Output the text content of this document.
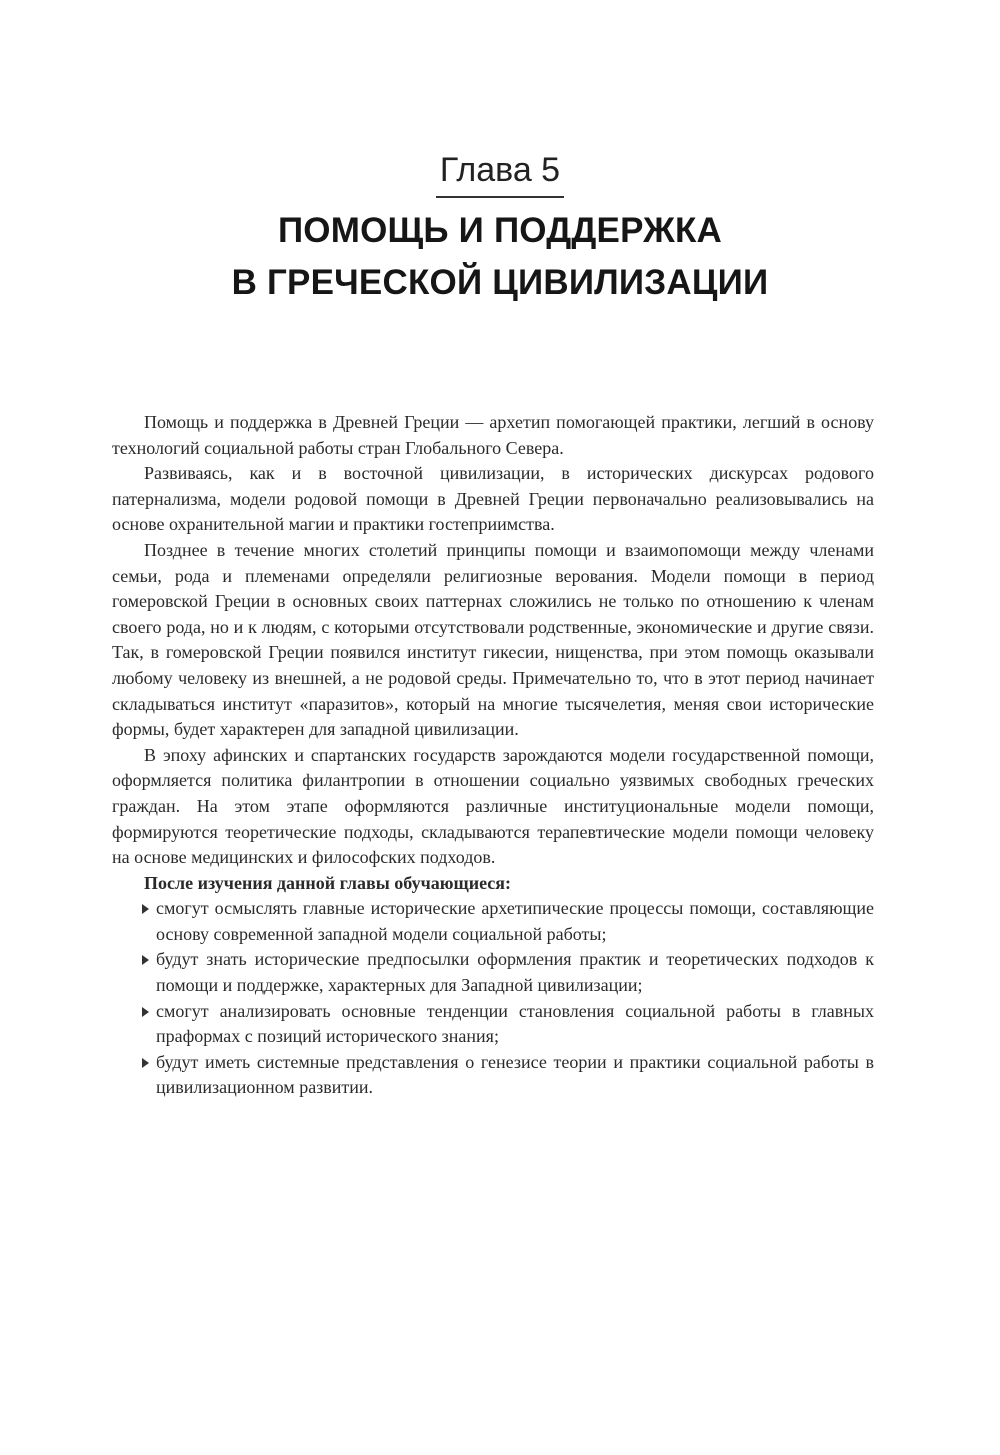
Глава 5
ПОМОЩЬ И ПОДДЕРЖКА
В ГРЕЧЕСКОЙ ЦИВИЛИЗАЦИИ

Помощь и поддержка в Древней Греции — архетип помогающей практики, легший в основу технологий социальной работы стран Глобального Севера.

Развиваясь, как и в восточной цивилизации, в исторических дискурсах родового патернализма, модели родовой помощи в Древней Греции первоначально реализовывались на основе охранительной магии и практики гостеприимства.

Позднее в течение многих столетий принципы помощи и взаимопомощи между членами семьи, рода и племенами определяли религиозные верования. Модели помощи в период гомеровской Греции в основных своих паттернах сложились не только по отношению к членам своего рода, но и к людям, с которыми отсутствовали родственные, экономические и другие связи. Так, в гомеровской Греции появился институт гикесии, нищенства, при этом помощь оказывали любому человеку из внешней, а не родовой среды. Примечательно то, что в этот период начинает складываться институт «паразитов», который на многие тысячелетия, меняя свои исторические формы, будет характерен для западной цивилизации.

В эпоху афинских и спартанских государств зарождаются модели государственной помощи, оформляется политика филантропии в отношении социально уязвимых свободных греческих граждан. На этом этапе оформляются различные институциональные модели помощи, формируются теоретические подходы, складываются терапевтические модели помощи человеку на основе медицинских и философских подходов.

После изучения данной главы обучающиеся:

смогут осмыслять главные исторические архетипические процессы помощи, составляющие основу современной западной модели социальной работы;
будут знать исторические предпосылки оформления практик и теоретических подходов к помощи и поддержке, характерных для Западной цивилизации;
смогут анализировать основные тенденции становления социальной работы в главных праформах с позиций исторического знания;
будут иметь системные представления о генезисе теории и практики социальной работы в цивилизационном развитии.
